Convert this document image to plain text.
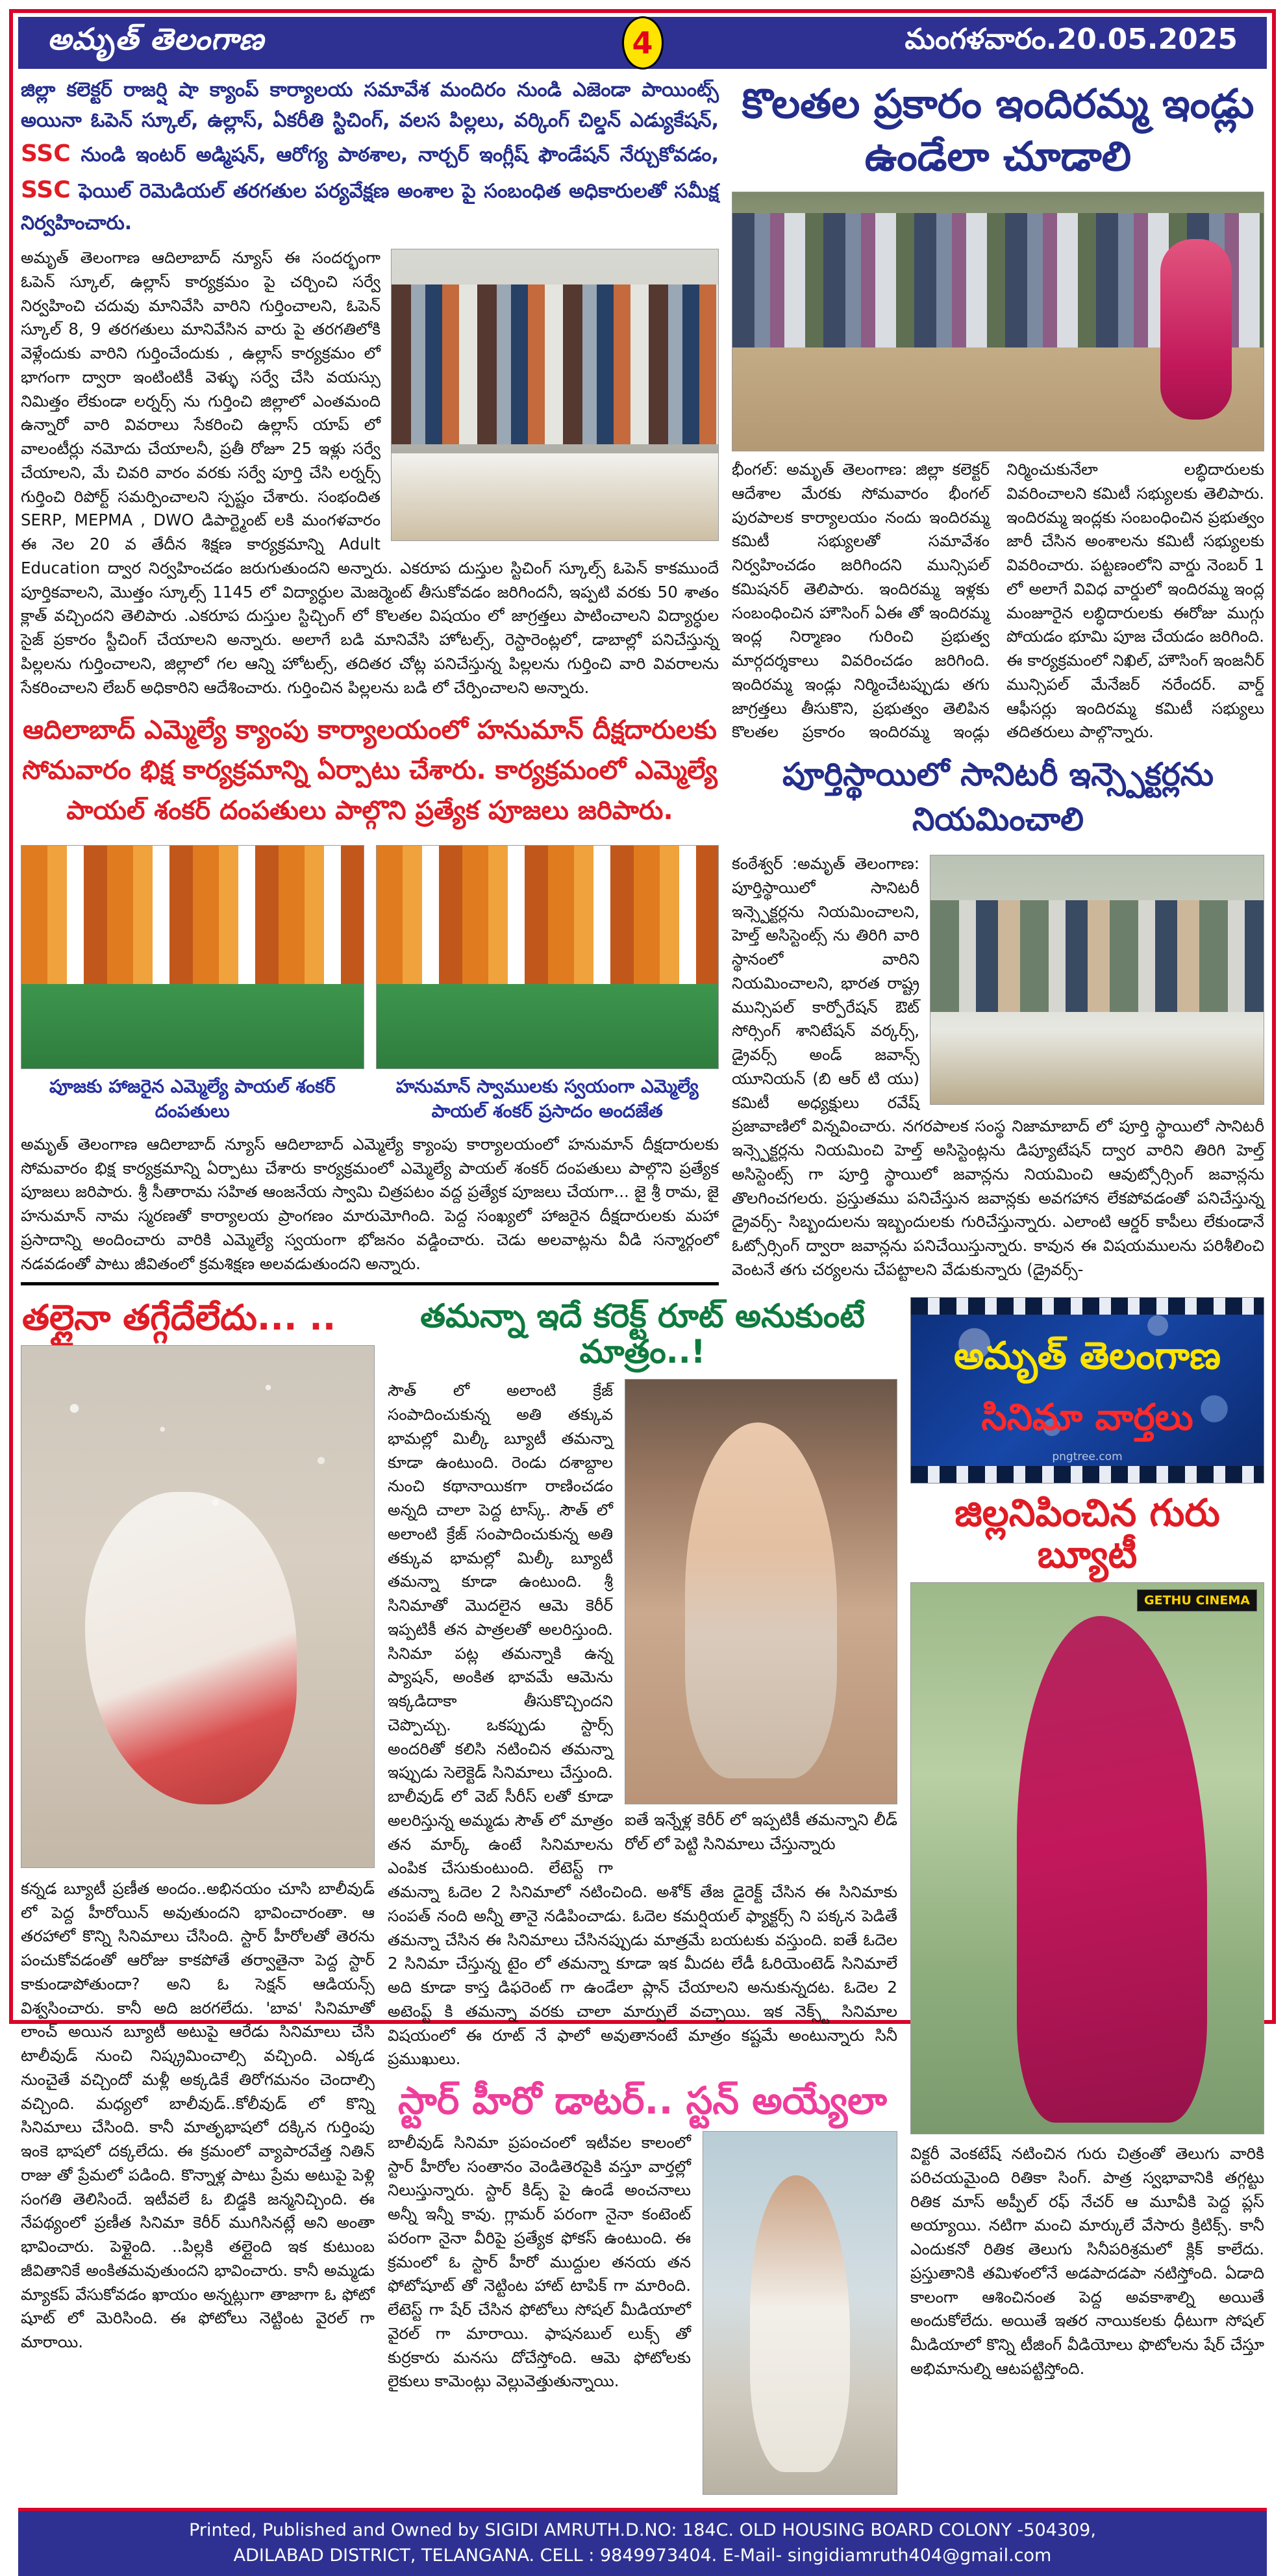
అమృత్ తెలంగాణ	4	మంగళవారం.20.05.2025
జిల్లా కలెక్టర్ రాజర్షి షా క్యాంప్ కార్యాలయ సమావేశ మందిరం నుండి ఎజెండా పాయింట్స్ అయినా ఓపెన్ స్కూల్, ఉల్లాస్, ఏకరీతి స్టిచింగ్, వలస పిల్లలు, వర్కింగ్ చిల్డన్ ఎడ్యుకేషన్, SSC నుండి ఇంటర్ అడ్మిషన్, ఆరోగ్య పాఠశాల, నార్చర్ ఇంగ్లీష్ ఫౌండేషన్ నేర్చుకోవడం, SSC ఫెయిల్ రెమెడియల్ తరగతుల పర్యవేక్షణ అంశాల పై సంబంధిత అధికారులతో సమీక్ష నిర్వహించారు.
అమృత్ తెలంగాణ ఆదిలాబాద్ న్యూస్ ఈ సందర్భంగా ఓపెన్ స్కూల్, ఉల్లాస్ కార్యక్రమం పై చర్చించి సర్వే నిర్వహించి చదువు మానివేసి వారిని గుర్తించాలని, ఓపెన్ స్కూల్ 8, 9 తరగతులు మానివేసిన వారు పై తరగతిలోకి వెళ్లేందుకు వారిని గుర్తించేందుకు , ఉల్లాస్ కార్యక్రమం లో భాగంగా ద్వారా ఇంటింటికీ వెళ్ళు సర్వే చేసి వయస్సు నిమిత్తం లేకుండా లర్నర్స్ ను గుర్తించి జిల్లాలో ఎంతమంది ఉన్నారో వారి వివరాలు సేకరించి ఉల్లాస్ యాప్ లో వాలంటీర్లు నమోదు చేయాలనీ, ప్రతీ రోజూ 25 ఇళ్లు సర్వే చేయాలని, మే చివరి వారం వరకు సర్వే పూర్తి చేసి లర్నర్స్ గుర్తించి రిపోర్ట్ సమర్పించాలని స్పష్టం చేశారు. సంభందిత SERP, MEPMA , DWO డిపార్ట్మెంట్ లకి మంగళవారం ఈ నెల 20 వ తేదీన శిక్షణ కార్యక్రమాన్ని Adult Education ద్వార నిర్వహించడం జరుగుతుందని అన్నారు. ఎకరూప దుస్తుల స్టిచింగ్ స్కూల్స్ ఓపెన్ కాకముందే పూర్తికవాలని, మొత్తం స్కూల్స్ 1145 లో విద్యార్ధుల మెజర్మెంట్ తీసుకోవడం జరిగిందనీ, ఇప్పటి వరకు 50 శాతం క్లాత్ వచ్చిందని తెలిపారు .ఎకరూప దుస్తుల స్టిచ్చింగ్ లో కొలతల విషయం లో జాగ్రత్తలు పాటించాలని విద్యార్ధుల సైజ్ ప్రకారం స్టీచింగ్ చేయాలని అన్నారు. అలాగే బడి మానివేసి హోటల్స్, రెస్టారెంట్లలో, డాబాల్లో పనిచేస్తున్న పిల్లలను గుర్తించాలని, జిల్లాలో గల ఆన్ని హోటల్స్, తదితర చోట్ల పనిచేస్తున్న పిల్లలను గుర్తించి వారి వివరాలను సేకరించాలని లేబర్ అధికారిని ఆదేశించారు. గుర్తించిన పిల్లలను బడి లో చేర్పించాలని అన్నారు.
ఆదిలాబాద్ ఎమ్మెల్యే క్యాంపు కార్యాలయంలో హనుమాన్ దీక్షదారులకు సోమవారం భిక్ష కార్యక్రమాన్ని ఏర్పాటు చేశారు. కార్యక్రమంలో ఎమ్మెల్యే పాయల్ శంకర్ దంపతులు పాల్గొని ప్రత్యేక పూజలు జరిపారు.
పూజకు హాజరైన ఎమ్మెల్యే పాయల్ శంకర్ దంపతులు
హనుమాన్ స్వాములకు స్వయంగా ఎమ్మెల్యే పాయల్ శంకర్ ప్రసాదం అందజేత
అమృత్ తెలంగాణ ఆదిలాబాద్ న్యూస్ ఆదిలాబాద్ ఎమ్మెల్యే క్యాంపు కార్యాలయంలో హనుమాన్ దీక్షదారులకు సోమవారం భిక్ష కార్యక్రమాన్ని ఏర్పాటు చేశారు కార్యక్రమంలో ఎమ్మెల్యే పాయల్ శంకర్ దంపతులు పాల్గొని ప్రత్యేక పూజలు జరిపారు. శ్రీ సీతారామ సహిత ఆంజనేయ స్వామి చిత్రపటం వద్ద ప్రత్యేక పూజలు చేయగా... జై శ్రీ రామ, జై హనుమాన్ నామ స్మరణతో కార్యాలయ ప్రాంగణం మారుమోగింది. పెద్ద సంఖ్యలో హాజరైన దీక్షదారులకు మహా ప్రసాదాన్ని అందించారు వారికి ఎమ్మెల్యే స్వయంగా భోజనం వడ్డించారు. చెడు అలవాట్లను వీడి సన్మార్గంలో నడవడంతో పాటు జీవితంలో క్రమశిక్షణ అలవడుతుందని అన్నారు.
కొలతల ప్రకారం ఇందిరమ్మ ఇండ్లు ఉండేలా చూడాలి
భీంగల్: అమృత్ తెలంగాణ: జిల్లా కలెక్టర్ ఆదేశాల మేరకు సోమవారం భీంగల్ పురపాలక కార్యాలయం నందు ఇందిరమ్మ కమిటీ సభ్యులతో సమావేశం నిర్వహించడం జరిగిందని మున్సిపల్ కమిషనర్ తెలిపారు. ఇందిరమ్మ ఇళ్లకు సంబంధించిన హౌసింగ్ ఏఈ తో ఇందిరమ్మ ఇంద్ల నిర్మాణం గురించి ప్రభుత్వ మార్గదర్శకాలు వివరించడం జరిగింది. ఇందిరమ్మ ఇండ్లు నిర్మించేటప్పుడు తగు జాగ్రత్తలు తీసుకొని, ప్రభుత్వం తెలిపిన కొలతల ప్రకారం ఇందిరమ్మ ఇండ్లు నిర్మించుకునేలా లబ్ధిదారులకు వివరించాలని కమిటీ సభ్యులకు తెలిపారు. ఇందిరమ్మ ఇంద్లకు సంబంధించిన ప్రభుత్వం జారీ చేసిన అంశాలను కమిటీ సభ్యులకు వివరించారు. పట్టణంలోని వార్డు నెంబర్ 1 లో అలాగే వివిధ వార్డులో ఇందిరమ్మ ఇంద్ల మంజూరైన లబ్ధిదారులకు ఈరోజు ముగ్గు పోయడం భూమి పూజ చేయడం జరిగింది. ఈ కార్యక్రమంలో నిఖిల్, హౌసింగ్ ఇంజనీర్ మున్సిపల్ మేనేజర్ నరేందర్. వార్డ్ ఆఫీసర్లు ఇందిరమ్మ కమిటీ సభ్యులు తదితరులు పాల్గొన్నారు.
పూర్తిస్థాయిలో సానిటరీ ఇన్స్పెక్టర్లను నియమించాలి
కంఠేశ్వర్ :అమృత్ తెలంగాణ: పూర్తిస్థాయిలో సానిటరీ ఇన్స్పెక్టర్లను నియమించాలని, హెల్త్ అసిస్టెంట్స్ ను తిరిగి వారి స్థానంలో వారిని నియమించాలని, భారత రాష్ట్ర మున్సిపల్ కార్పోరేషన్ ఔట్ సోర్సింగ్ శానిటేషన్ వర్కర్స్, డ్రైవర్స్ అండ్ జవాన్స్ యూనియన్ (బి ఆర్ టి యు) కమిటీ అధ్యక్షులు రవేష్ ప్రజావాణిలో విన్నవించారు. నగరపాలక సంస్థ నిజామాబాద్ లో పూర్తి స్థాయిలో సానిటరీ ఇన్స్పెక్టర్లను నియమించి హెల్త్ అసిస్టెంట్లను డిప్యూటేషన్ ద్వార వారిని తిరిగి హెల్త్ అసిస్టెంట్స్ గా పూర్తి స్థాయిలో జవాన్లను నియమించి ఆవుట్సోర్సింగ్ జవాన్లను తొలగించగలరు. ప్రస్తుతము పనిచేస్తున జవాన్లకు అవగహాన లేకపోవడంతో పనిచేస్తున్న డ్రైవర్స్- సిబ్బందులను ఇబ్బందులకు గురిచేస్తున్నారు. ఎలాంటి ఆర్డర్ కాపీలు లేకుండానే ఓట్సోర్సింగ్ ద్వారా జవాన్లను పనిచేయిస్తున్నారు. కావున ఈ విషయములను పరిశీలించి వెంటనే తగు చర్యలను చేపట్టాలని వేడుకున్నారు (డ్రైవర్స్-
తల్లైనా తగ్గేదేలేదు... ..
కన్నడ బ్యూటీ ప్రణీత అందం..అభినయం చూసి బాలీవుడ్ లో పెద్ద హీరోయిన్ అవుతుందని భావించారంతా. ఆ తరహాలో కొన్ని సినిమాలు చేసింది. స్టార్ హీరోలతో తెరను పంచుకోవడంతో ఆరోజు కాకపోతే తర్వాతైనా పెద్ద స్టార్ కాకుండాపోతుందా? అని ఓ సెక్షన్ ఆడియన్స్ విశ్వసించారు. కానీ అది జరగలేదు. 'బావ' సినిమాతో లాంచ్ అయిన బ్యూటీ అటుపై ఆరేడు సినిమాలు చేసి టాలీవుడ్ నుంచి నిష్క్రమించాల్సి వచ్చింది. ఎక్కడ నుంచైతే వచ్చిందో మళ్లీ అక్కడికే తిరోగమనం చెందాల్సి వచ్చింది. మధ్యలో బాలీవుడ్..కోలీవుడ్ లో కొన్ని సినిమాలు చేసింది. కానీ మాతృభాషలో దక్కిన గుర్తింపు ఇంకె భాషలో దక్కలేదు. ఈ క్రమంలో వ్యాపారవేత్త నితిన్ రాజు తో ప్రేమలో పడింది. కొన్నాళ్ల పాటు ప్రేమ అటుపై పెళ్లి సంగతి తెలిసిందే. ఇటీవలే ఓ బిడ్డకి జన్మనిచ్చింది. ఈ నేపథ్యంలో ప్రణీత సినిమా కెరీర్ ముగిసినట్లే అని అంతా భావించారు. పెళ్లైంది. ..పిల్లకి తల్లైంది ఇక కుటుంబ జీవితానికే అంకితమవుతుందని భావించారు. కానీ అమ్మడు మ్యాకప్ వేసుకోవడం ఖాయం అన్నట్లుగా తాజాగా ఓ ఫోటో షూట్ లో మెరిసింది. ఈ ఫోటోలు నెట్టింట వైరల్ గా మారాయి.
తమన్నా ఇదే కరెక్ట్ రూట్ అనుకుంటే మాత్రం..!
ఐతే ఇన్నేళ్ల కెరీర్ లో ఇప్పటికీ తమన్నాని లీడ్ రోల్ లో పెట్టి సినిమాలు చేస్తున్నారు
సౌత్ లో అలాంటి క్రేజ్ సంపాదించుకున్న అతి తక్కువ భామల్లో మిల్కీ బ్యూటీ తమన్నా కూడా ఉంటుంది. రెండు దశాబ్దాల నుంచి కథానాయికగా రాణించడం అన్నది చాలా పెద్ద టాస్క్. సౌత్ లో అలాంటి క్రేజ్ సంపాదించుకున్న అతి తక్కువ భామల్లో మిల్కీ బ్యూటీ తమన్నా కూడా ఉంటుంది. శ్రీ సినిమాతో మొదలైన ఆమె కెరీర్ ఇప్పటికీ తన పాత్రలతో అలరిస్తుంది. సినిమా పట్ల తమన్నాకి ఉన్న ప్యాషన్, అంకిత భావమే ఆమెను ఇక్కడిదాకా తీసుకొచ్చిందని చెప్పొచ్చు. ఒకప్పుడు స్టార్స్ అందరితో కలిసి నటించిన తమన్నా ఇప్పుడు సెలెక్టెడ్ సినిమాలు చేస్తుంది. బాలీవుడ్ లో వెబ్ సీరీస్ లతో కూడా అలరిస్తున్న అమ్మడు సౌత్ లో మాత్రం తన మార్క్ ఉంటే సినిమాలను ఎంపిక చేసుకుంటుంది. లేటెస్ట్ గా తమన్నా ఓదెల 2 సినిమాలో నటించింది. అశోక్ తేజ డైరెక్ట్ చేసిన ఈ సినిమాకు సంపత్ నంది అన్నీ తానై నడిపించాడు. ఓదెల కమర్షియల్ ఫ్యాక్టర్స్ ని పక్కన పెడితే తమన్నా చేసిన ఈ సినిమాలు చేసినప్పుడు మాత్రమే బయటకు వస్తుంది. ఐతే ఓదెల 2 సినిమా చేస్తున్న టైం లో తమన్నా కూడా ఇక మీదట లేడీ ఓరియెంటెడ్ సినిమాలే అది కూడా కాస్త డిఫరెంట్ గా ఉండేలా ప్లాన్ చేయాలని అనుకున్నదట. ఓదెల 2 అటెంప్ట్ కి తమన్నా వరకు చాలా మార్పులే వచ్చాయి. ఇక నెక్స్ట్ సినిమాల విషయంలో ఈ రూట్ నే ఫాలో అవుతానంటే మాత్రం కష్టమే అంటున్నారు సినీ ప్రముఖులు.
స్టార్ హీరో డాటర్.. స్టన్ అయ్యేలా
బాలీవుడ్ సినిమా ప్రపంచంలో ఇటీవల కాలంలో స్టార్ హీరోల సంతానం వెండితెరపైకి వస్తూ వార్తల్లో నిలుస్తున్నారు. స్టార్ కిడ్స్ పై ఉండే అంచనాలు అన్నీ ఇన్నీ కావు. గ్లామర్ పరంగా నైనా కంటెంట్ పరంగా నైనా వీరిపై ప్రత్యేక ఫోకస్ ఉంటుంది. ఈ క్రమంలో ఓ స్టార్ హీరో ముద్దుల తనయ తన ఫోటోషూట్ తో నెట్టింట హాట్ టాపిక్ గా మారింది. లేటెస్ట్ గా షేర్ చేసిన ఫోటోలు సోషల్ మీడియాలో వైరల్ గా మారాయి. ఫాషనబుల్ లుక్స్ తో కుర్రకారు మనసు దోచేస్తోంది. ఆమె ఫోటోలకు లైకులు కామెంట్లు వెల్లువెత్తుతున్నాయి.
అమృత్ తెలంగాణ
సినిమా వార్తలు
pngtree.com
జిల్లనిపించిన గురు బ్యూటీ
GETHU CINEMA
విక్టరీ వెంకటేష్ నటించిన గురు చిత్రంతో తెలుగు వారికి పరిచయమైంది రితికా సింగ్. పాత్ర స్వభావానికి తగ్గట్టు రితిక మాస్ అప్పీల్ రఫ్ నేచర్ ఆ మూవీకి పెద్ద ప్లస్ అయ్యాయి. నటిగా మంచి మార్కులే వేసారు క్రిటిక్స్. కానీ ఎందుకనో రితిక తెలుగు సినీపరిశ్రమలో క్లిక్ కాలేదు. ప్రస్తుతానికి తమిళంలోనే అడపాదడపా నటిస్తోంది. ఏడాది కాలంగా ఆశించినంత పెద్ద అవకాశాల్ని అయితే అందుకోలేదు. అయితే ఇతర నాయికలకు ధీటుగా సోషల్ మీడియాలో కొన్ని టీజింగ్ వీడియోలు ఫొటోలను షేర్ చేస్తూ అభిమానుల్ని ఆటపట్టిస్తోంది.
Printed, Published and Owned by SIGIDI AMRUTH.D.NO: 184C. OLD HOUSING BOARD COLONY -504309,
ADILABAD DISTRICT, TELANGANA. CELL : 9849973404. E-Mail- singidiamruth404@gmail.com
